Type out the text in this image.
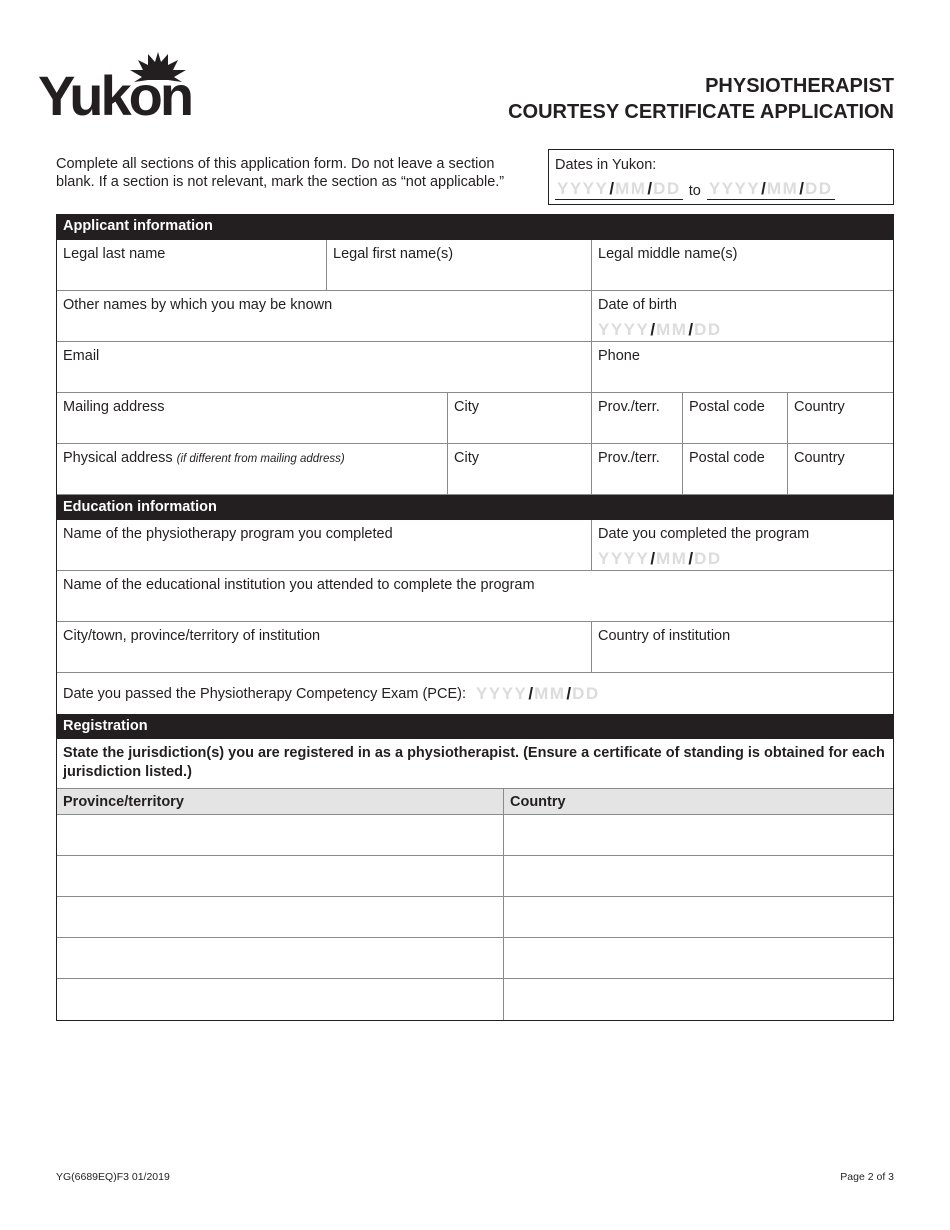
Yukon	PHYSIOTHERAPIST
COURTESY CERTIFICATE APPLICATION
Complete all sections of this application form. Do not leave a section blank. If a section is not relevant, mark the section as “not applicable.”
Dates in Yukon:
YYYY / MM / DD to YYYY / MM / DD
Applicant information
Legal last name	Legal first name(s)	Legal middle name(s)
Other names by which you may be known	Date of birth
YYYY / MM / DD
Email	Phone
Mailing address	City	Prov./terr.	Postal code	Country
Physical address (if different from mailing address)	City	Prov./terr.	Postal code	Country
Education information
Name of the physiotherapy program you completed	Date you completed the program
YYYY / MM / DD
Name of the educational institution you attended to complete the program
City/town, province/territory of institution	Country of institution
Date you passed the Physiotherapy Competency Exam (PCE): YYYY / MM / DD
Registration
State the jurisdiction(s) you are registered in as a physiotherapist. (Ensure a certificate of standing is obtained for each jurisdiction listed.)
Province/territory	Country
YG(6689EQ)F3 01/2019	Page 2 of 3
